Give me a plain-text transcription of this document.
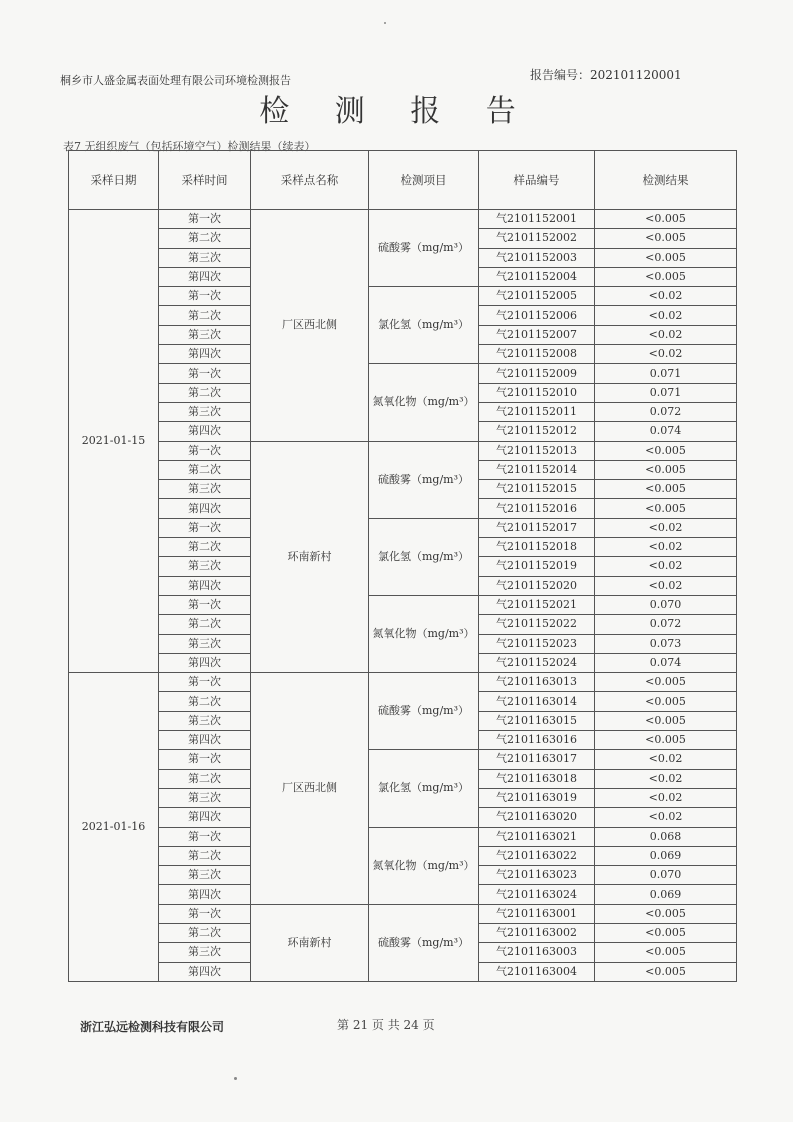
桐乡市人盛金属表面处理有限公司环境检测报告	报告编号：202101120001
检 测 报 告
表7 无组织废气（包括环境空气）检测结果（续表）
采样日期	采样时间	采样点名称	检测项目	样品编号	检测结果
2021-01-15	第一次	厂区西北侧	硫酸雾（mg/m³）	气2101152001	<0.005
	第二次			气2101152002	<0.005
	第三次			气2101152003	<0.005
	第四次			气2101152004	<0.005
	第一次		氯化氢（mg/m³）	气2101152005	<0.02
	第二次			气2101152006	<0.02
	第三次			气2101152007	<0.02
	第四次			气2101152008	<0.02
	第一次		氮氧化物（mg/m³）	气2101152009	0.071
	第二次			气2101152010	0.071
	第三次			气2101152011	0.072
	第四次			气2101152012	0.074
	第一次	环南新村	硫酸雾（mg/m³）	气2101152013	<0.005
	第二次			气2101152014	<0.005
	第三次			气2101152015	<0.005
	第四次			气2101152016	<0.005
	第一次		氯化氢（mg/m³）	气2101152017	<0.02
	第二次			气2101152018	<0.02
	第三次			气2101152019	<0.02
	第四次			气2101152020	<0.02
	第一次		氮氧化物（mg/m³）	气2101152021	0.070
	第二次			气2101152022	0.072
	第三次			气2101152023	0.073
	第四次			气2101152024	0.074
2021-01-16	第一次	厂区西北侧	硫酸雾（mg/m³）	气2101163013	<0.005
	第二次			气2101163014	<0.005
	第三次			气2101163015	<0.005
	第四次			气2101163016	<0.005
	第一次		氯化氢（mg/m³）	气2101163017	<0.02
	第二次			气2101163018	<0.02
	第三次			气2101163019	<0.02
	第四次			气2101163020	<0.02
	第一次		氮氧化物（mg/m³）	气2101163021	0.068
	第二次			气2101163022	0.069
	第三次			气2101163023	0.070
	第四次			气2101163024	0.069
	第一次	环南新村	硫酸雾（mg/m³）	气2101163001	<0.005
	第二次			气2101163002	<0.005
	第三次			气2101163003	<0.005
	第四次			气2101163004	<0.005
浙江弘远检测科技有限公司	第 21 页 共 24 页
